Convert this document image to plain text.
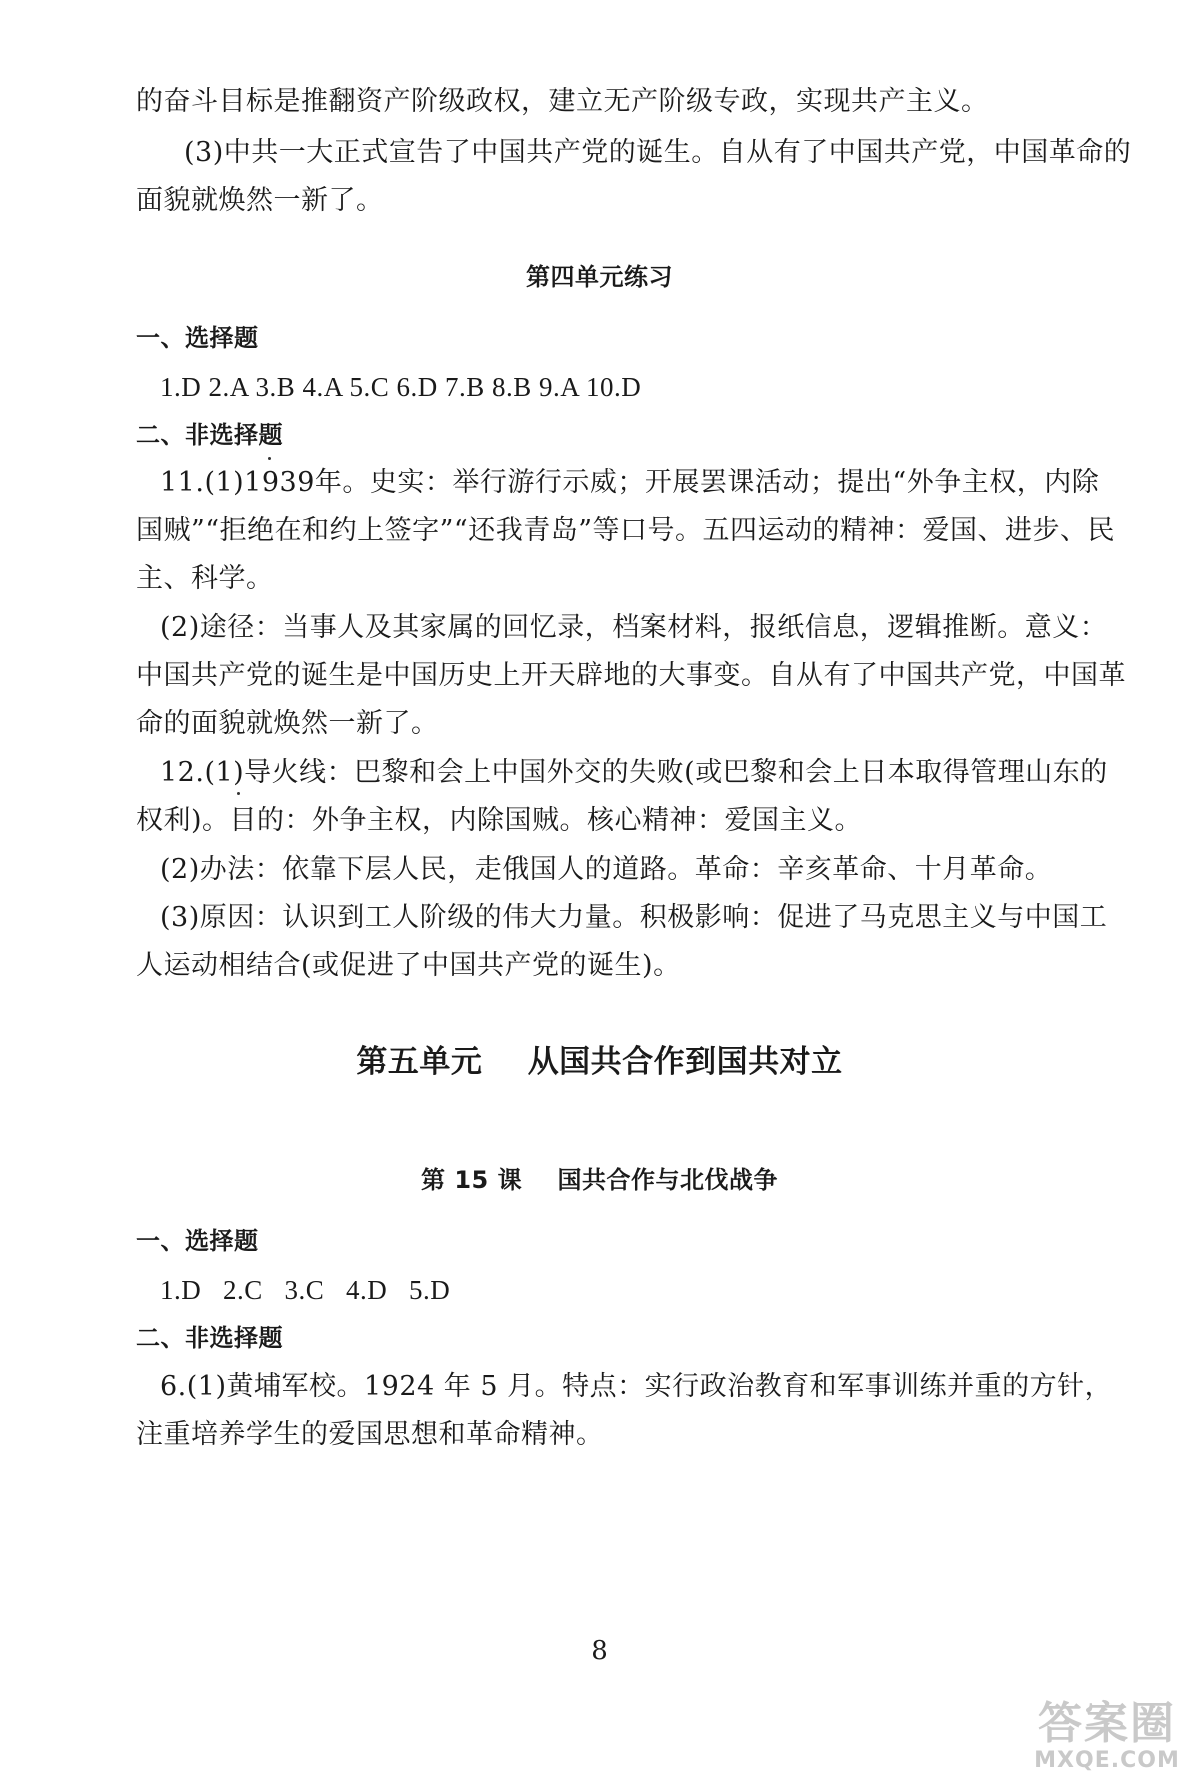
的奋斗目标是推翻资产阶级政权，建立无产阶级专政，实现共产主义。
(3)中共一大正式宣告了中国共产党的诞生。自从有了中国共产党，中国革命的
面貌就焕然一新了。
第四单元练习
一、选择题
1.D 2.A 3.B 4.A 5.C 6.D 7.B 8.B 9.A 10.D
二、非选择题
11.(1)1939年。史实：举行游行示威；开展罢课活动；提出“外争主权，内除
国贼”“拒绝在和约上签字”“还我青岛”等口号。五四运动的精神：爱国、进步、民
主、科学。
(2)途径：当事人及其家属的回忆录，档案材料，报纸信息，逻辑推断。意义：
中国共产党的诞生是中国历史上开天辟地的大事变。自从有了中国共产党，中国革
命的面貌就焕然一新了。
12.(1)导火线：巴黎和会上中国外交的失败(或巴黎和会上日本取得管理山东的
权利)。目的：外争主权，内除国贼。核心精神：爱国主义。
(2)办法：依靠下层人民，走俄国人的道路。革命：辛亥革命、十月革命。
(3)原因：认识到工人阶级的伟大力量。积极影响：促进了马克思主义与中国工
人运动相结合(或促进了中国共产党的诞生)。
第五单元    从国共合作到国共对立
第 15 课    国共合作与北伐战争
一、选择题
1.D   2.C   3.C   4.D   5.D
二、非选择题
6.(1)黄埔军校。1924 年 5 月。特点：实行政治教育和军事训练并重的方针，
注重培养学生的爱国思想和革命精神。
8
答案圈
MXQE.COM
